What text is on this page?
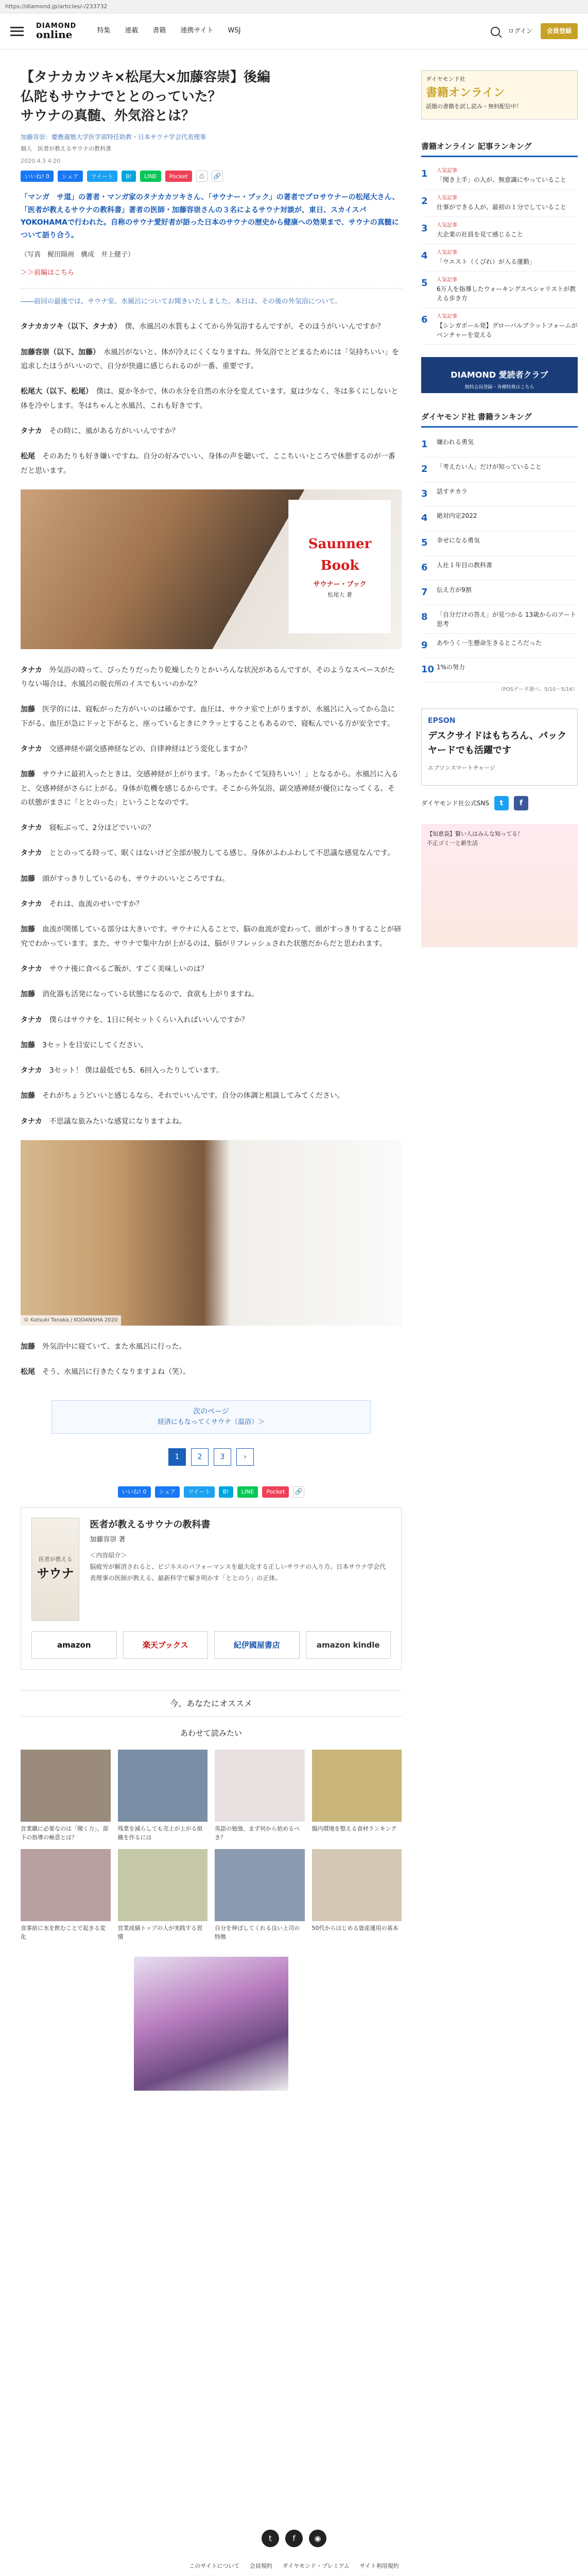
https://diamond.jp/articles/-/233732
DIAMOND
online	特集 連載 書籍 連携サイト WSJ	ログイン	会員登録
【タナカカツキ×松尾大×加藤容崇】後編
仏陀もサウナでととのっていた？
サウナの真髄、外気浴とは？
加藤容崇：慶應義塾大学医学部特任助教・日本サウナ学会代表理事
個人　医者が教えるサウナの教科書
2020.4.3 4:20
いいね! 0	シェア	ツイート	B!	LINE	Pocket	⎙	🔗
「マンガ　サ道」の著者・マンガ家のタナカカツキさん、「サウナー・ブック」の著者でプロサウナーの松尾大さん、「医者が教えるサウナの教科書」著者の医師・加藤容崇さんの３名によるサウナ対談が、東日、スカイスパYOKOHAMAで行われた。自称のサウナ愛好者が語った日本のサウナの歴史から健康への効果まで、サウナの真髄について語り合う。
（写真　梶田陽画　構成　井上健子）
＞＞前編はこちら
――前回の最後では、サウナ室、水風呂についてお聞きいたしました。本日は、その後の外気浴について。

タナカカツキ（以下、タナカ）　 僕、水風呂の水質もよくてから外気浴するんですが、そのほうがいいんですか？

加藤容崇（以下、加藤）　 水風呂がないと、体が冷えにくくなりますね。外気浴でとどまるためには「気持ちいい」を追求したほうがいいので、自分が快適に感じられるのが一番、重要です。

松尾大（以下、松尾）　 僕は、夏か冬かで、休の水分を自然の水分を変えています。夏は少なく、冬は多くにしないと体を冷やします。冬はちゃんと水風呂、これも好きです。

タナカ　 その時に、風がある方がいいんですか？

松尾　 そのあたりも好き嫌いですね。自分の好みでいい、身体の声を聴いて、ここちいいところで休憩するのが一番だと思います。

Saunner Book
サウナー・ブック
松尾大 著

タナカ　 外気浴の時って、ぴったりだったり乾燥したりとかいろんな状況があるんですが、そのようなスペースがたりない場合は、水風呂の脱衣所のイスでもいいのかな？

加藤　 医学的には、寝転がった方がいいのは確かです。血圧は、サウナ室で上がりますが、水風呂に入ってから急に下がる。血圧が急にドッと下がると、座っているときにクラッとすることもあるので、寝転んでいる方が安全です。

タナカ　 交感神経や副交感神経などの、自律神経はどう変化しますか？

加藤　 サウナに最初入ったときは、交感神経が上がります。「あったかくて気持ちいい！」となるから。水風呂に入ると、交感神経がさらに上がる。身体が危機を感じるからです。そこから外気浴、副交感神経が優位になってくる。その状態がまさに「ととのった」ということなのです。

タナカ　 寝転ぶって、2分ほどでいいの？

タナカ　 ととのってる時って、眠くはないけど全部が脱力してる感じ。身体がふわふわして不思議な感覚なんです。

加藤　 頭がすっきりしているのも、サウナのいいところですね。

タナカ　 それは、血流のせいですか？

加藤　 血流が関係している部分は大きいです。サウナに入ることで、脳の血流が変わって、頭がすっきりすることが研究でわかっています。また、サウナで集中力が上がるのは、脳がリフレッシュされた状態だからだと思われます。

タナカ　 サウナ後に食べるご飯が、すごく美味しいのは？

加藤　 消化器も活発になっている状態になるので、食欲も上がりますね。

タナカ　 僕らはサウナを、1日に何セットくらい入ればいいんですか？

加藤　 3セットを目安にしてください。

タナカ　 3セット！ 僕は最低でも5、6回入ったりしています。

加藤　 それがちょうどいいと感じるなら、それでいいんです。自分の体調と相談してみてください。

タナカ　 不思議な旅みたいな感覚になりますよね。

© Katsuki Tanaka / KODANSHA 2020

加藤　 外気浴中に寝ていて、また水風呂に行った。

松尾　 そう、水風呂に行きたくなりますよね（笑）。

次のページ
経済にもなってくサウナ（温浴）＞
1	2	3	›
いいね! 0	シェア	ツイート	B!	LINE	Pocket	🔗
医者が教える
サウナ
医者が教えるサウナの教科書
加藤容崇 著
＜内容紹介＞
脳疲労が解消されると、ビジネスのパフォーマンスを最大化する正しいサウナの入り方。日本サウナ学会代表理事の医師が教える、最新科学で解き明かす「ととのう」の正体。
amazon	楽天ブックス	紀伊國屋書店	amazon kindle
今、あなたにオススメ
あわせて読みたい
営業職に必要なのは「聞く力」。部下の指導の極意とは？
残業を減らしても売上が上がる組織を作るには
英語の勉強、まず何から始めるべき？
腸内環境を整える食材ランキング
食事前に水を飲むことで起きる変化
営業成績トップの人が実践する習慣
自分を伸ばしてくれる良い上司の特徴
50代からはじめる資産運用の基本
ダイヤモンド社
書籍オンライン
話題の書籍を試し読み・無料配信中！
書籍オンライン 記事ランキング
1	人気記事
「聞き上手」の人が、無意識にやっていること
2	人気記事
仕事ができる人が、最初の１分でしていること
3	人気記事
大企業の社員を見て感じること
4	人気記事
「ウエスト（くびれ）が入る運動」
5	人気記事
6万人を指導したウォーキングスペシャリストが教える歩き方
6	人気記事
【シンガポール発】グローバルプラットフォームがベンチャーを変える
DIAMOND 愛読者クラブ
無料会員登録・各種特典はこちら
ダイヤモンド社 書籍ランキング
1	嫌われる勇気
2	「考えたい人」だけが知っていること
3	話すチカラ
4	絶対内定2022
5	幸せになる勇気
6	人社１年目の教科書
7	伝え方が9割
8	「自分だけの答え」が見つかる 13歳からのアート思考
9	あやうく一生懸命生きるところだった
10 1%の努力
（POSデータ調べ、5/10〜5/16）
EPSON
デスクサイドはもちろん、パックヤードでも活躍です
エプソンスマートチャージ
ダイヤモンド社公式SNS	t	f
【知恵袋】賢い人はみんな知ってる！
不正ゴミ一と新生活
t	f	◉
このサイトについて 会員規約 ダイヤモンド・プレミアム サイト利用規約
